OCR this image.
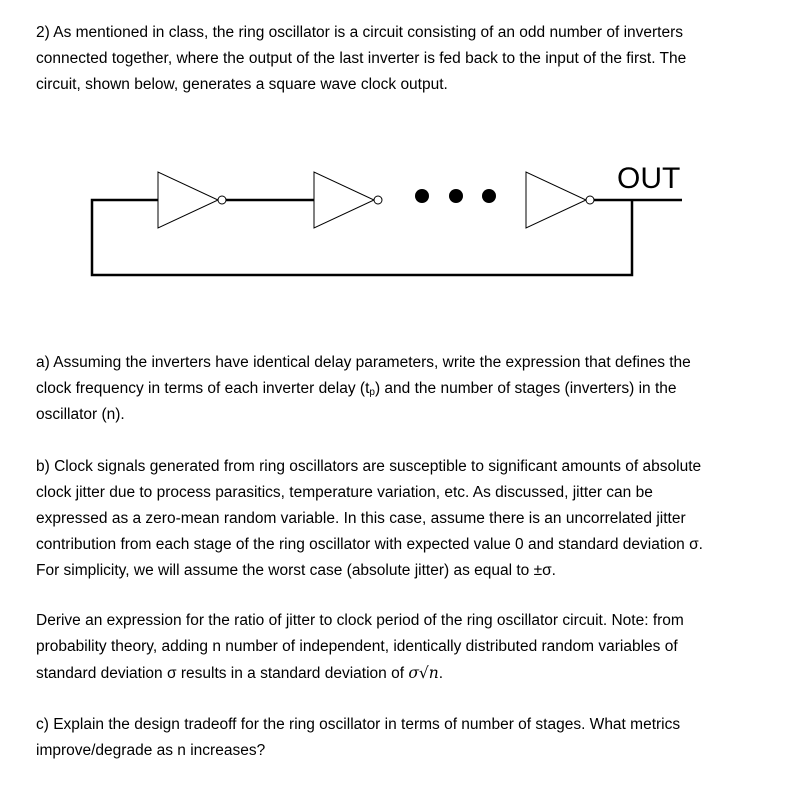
2) As mentioned in class, the ring oscillator is a circuit consisting of an odd number of inverters
connected together, where the output of the last inverter is fed back to the input of the first. The
circuit, shown below, generates a square wave clock output.
OUT
a) Assuming the inverters have identical delay parameters, write the expression that defines the
clock frequency in terms of each inverter delay $(t_p)$ and the number of stages (inverters) in the
oscillator (n).
b) Clock signals generated from ring oscillators are susceptible to significant amounts of absolute
clock jitter due to process parasitics, temperature variation, etc. As discussed, jitter can be
expressed as a zero-mean random variable. In this case, assume there is an uncorrelated jitter
contribution from each stage of the ring oscillator with expected value 0 and standard deviation σ.
For simplicity, we will assume the worst case (absolute jitter) as equal to ±σ.
Derive an expression for the ratio of jitter to clock period of the ring oscillator circuit. Note: from
probability theory, adding n number of independent, identically distributed random variables of
standard deviation σ results in a standard deviation of σ√n.
c) Explain the design tradeoff for the ring oscillator in terms of number of stages. What metrics
improve/degrade as n increases?
